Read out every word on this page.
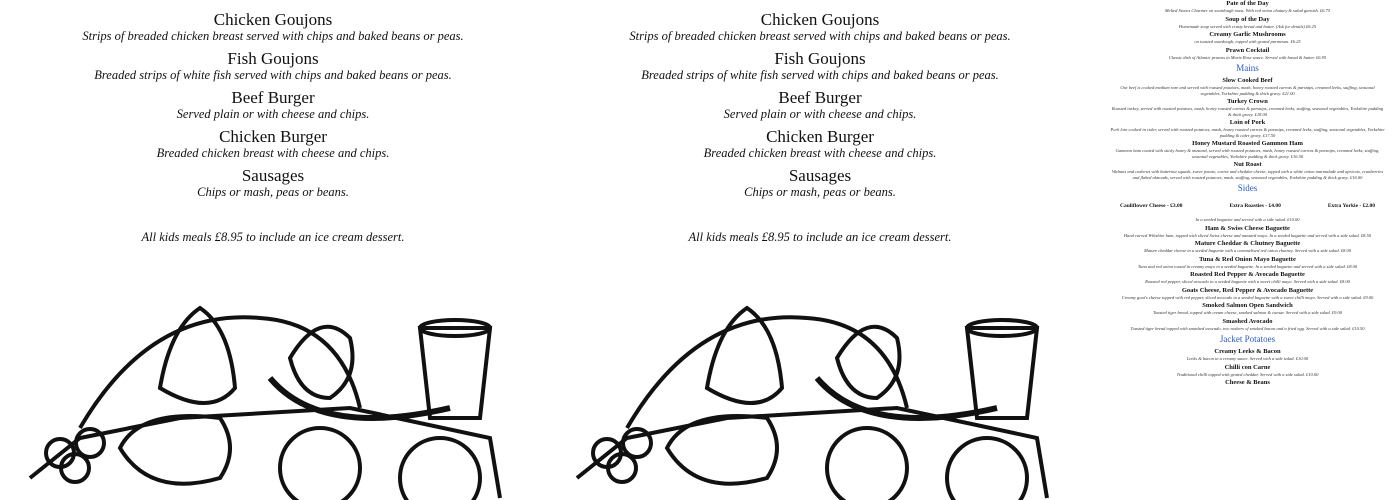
Chicken Goujons
Strips of breaded chicken breast served with chips and baked beans or peas.
Fish Goujons
Breaded strips of white fish served with chips and baked beans or peas.
Beef Burger
Served plain or with cheese and chips.
Chicken Burger
Breaded chicken breast with cheese and chips.
Sausages
Chips or mash, peas or beans.
All kids meals £8.95 to include an ice cream dessert.
Chicken Goujons
Strips of breaded chicken breast served with chips and baked beans or peas.
Fish Goujons
Breaded strips of white fish served with chips and baked beans or peas.
Beef Burger
Served plain or with cheese and chips.
Chicken Burger
Breaded chicken breast with cheese and chips.
Sausages
Chips or mash, peas or beans.
All kids meals £8.95 to include an ice cream dessert.
Pate of the Day
Melted Stones Charmer on sourdough toast. With red onion chutney & salad garnish. £6.75
Soup of the Day
Homemade soup served with crusty bread and butter. (Ask for details) £6.25
Creamy Garlic Mushrooms
on toasted sourdough, topped with grated parmesan. £6.25
Prawn Cocktail
Classic dish of Atlantic prawns in Marie Rose sauce. Served with bread & butter. £6.95
Mains
Slow Cooked Beef
Our beef is cooked medium rare and served with roasted potatoes, mash, honey roasted carrots & parsnips, creamed leeks, stuffing, seasonal vegetables, Yorkshire pudding & thick gravy. £21.00
Turkey Crown
Roasted turkey, served with roasted potatoes, mash, honey roasted carrots & parsnips, creamed leeks, stuffing, seasonal vegetables, Yorkshire pudding & thick gravy. £18.00
Loin of Pork
Pork loin cooked in cider, served with roasted potatoes, mash, honey roasted carrots & parsnips, creamed leeks, stuffing, seasonal vegetables, Yorkshire pudding & cider gravy. £17.50
Honey Mustard Roasted Gammon Ham
Gammon ham coated with sticky honey & mustard, served with roasted potatoes, mash, honey roasted carrots & parsnips, creamed leeks, stuffing, seasonal vegetables, Yorkshire pudding & thick gravy. £16.50
Nut Roast
Walnuts and cashews with butternut squash, sweet potato, carrot and cheddar cheese, topped with a white onion marmalade and apricots, cranberries and flaked almonds, served with roasted potatoes, mash, stuffing, seasonal vegetables, Yorkshire pudding & thick gravy. £16.00
Sides
Cauliflower Cheese - £3.00	Extra Roasties - £4.00	Extra Yorkie - £2.00
In a seeded baguette and served with a side salad. £10.00
Ham & Swiss Cheese Baguette
Hand carved Wiltshire ham, topped with sliced Swiss cheese and mustard mayo. In a seeded baguette and served with a side salad. £8.50
Mature Cheddar & Chutney Baguette
Mature cheddar cheese in a seeded baguette with a caramelised red onion chutney. Served with a side salad. £8.00
Tuna & Red Onion Mayo Baguette
Tuna and red onion tossed in creamy mayo in a seeded baguette. In a seeded baguette and served with a side salad. £8.00
Roasted Red Pepper & Avocado Baguette
Roasted red pepper, sliced avocado in a seeded baguette with a sweet chilli mayo. Served with a side salad. £8.00
Goats Cheese, Red Pepper & Avocado Baguette
Creamy goat's cheese topped with red pepper, sliced avocado in a seeded baguette with a sweet chilli mayo. Served with a side salad. £9.00
Smoked Salmon Open Sandwich
Toasted tiger bread, topped with cream cheese, smoked salmon & caesar. Served with a side salad. £9.00
Smashed Avocado
Toasted tiger bread topped with smashed avocado, two rashers of smoked bacon and a fried egg. Served with a side salad. £10.50
Jacket Potatoes
Creamy Leeks & Bacon
Leeks & bacon in a creamy sauce. Served with a side salad. £10.00
Chilli con Carne
Traditional chilli topped with grated cheddar. Served with a side salad. £10.00
Cheese & Beans
